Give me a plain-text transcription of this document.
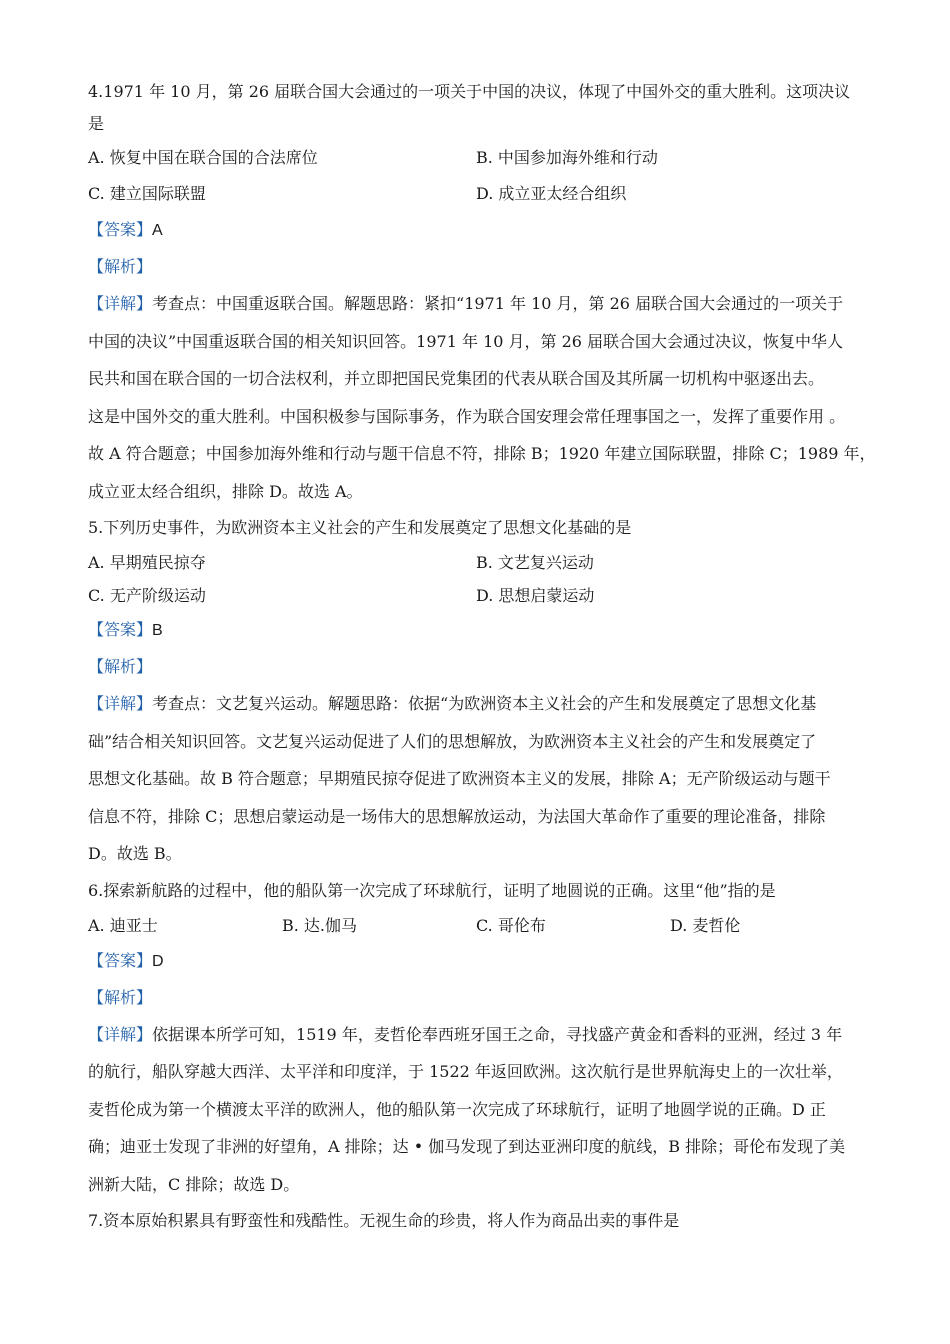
4.1971 年 10 月，第 26 届联合国大会通过的一项关于中国的决议，体现了中国外交的重大胜利。这项决议

是

A. 恢复中国在联合国的合法席位	B. 中国参加海外维和行动
C. 建立国际联盟	D. 成立亚太经合组织
【答案】A
【解析】
【详解】考查点：中国重返联合国。解题思路：紧扣“1971 年 10 月，第 26 届联合国大会通过的一项关于
中国的决议”中国重返联合国的相关知识回答。1971 年 10 月，第 26 届联合国大会通过决议，恢复中华人
民共和国在联合国的一切合法权利，并立即把国民党集团的代表从联合国及其所属一切机构中驱逐出去。
这是中国外交的重大胜利。中国积极参与国际事务，作为联合国安理会常任理事国之一，发挥了重要作用 。
故 A 符合题意；中国参加海外维和行动与题干信息不符，排除 B；1920 年建立国际联盟，排除 C；1989 年，
成立亚太经合组织，排除 D。故选 A。

5.下列历史事件，为欧洲资本主义社会的产生和发展奠定了思想文化基础的是

A. 早期殖民掠夺	B. 文艺复兴运动
C. 无产阶级运动	D. 思想启蒙运动
【答案】B
【解析】
【详解】考查点：文艺复兴运动。解题思路：依据“为欧洲资本主义社会的产生和发展奠定了思想文化基
础”结合相关知识回答。文艺复兴运动促进了人们的思想解放，为欧洲资本主义社会的产生和发展奠定了
思想文化基础。故 B 符合题意；早期殖民掠夺促进了欧洲资本主义的发展，排除 A；无产阶级运动与题干
信息不符，排除 C；思想启蒙运动是一场伟大的思想解放运动，为法国大革命作了重要的理论准备，排除
D。故选 B。

6.探索新航路的过程中，他的船队第一次完成了环球航行，证明了地圆说的正确。这里“他”指的是

A. 迪亚士	B. 达.伽马	C. 哥伦布	D. 麦哲伦
【答案】D
【解析】
【详解】依据课本所学可知，1519 年，麦哲伦奉西班牙国王之命，寻找盛产黄金和香料的亚洲，经过 3 年
的航行，船队穿越大西洋、太平洋和印度洋，于 1522 年返回欧洲。这次航行是世界航海史上的一次壮举，
麦哲伦成为第一个横渡太平洋的欧洲人，他的船队第一次完成了环球航行，证明了地圆学说的正确。D 正
确；迪亚士发现了非洲的好望角，A 排除；达 • 伽马发现了到达亚洲印度的航线，B 排除；哥伦布发现了美
洲新大陆，C 排除；故选 D。

7.资本原始积累具有野蛮性和残酷性。无视生命的珍贵，将人作为商品出卖的事件是
